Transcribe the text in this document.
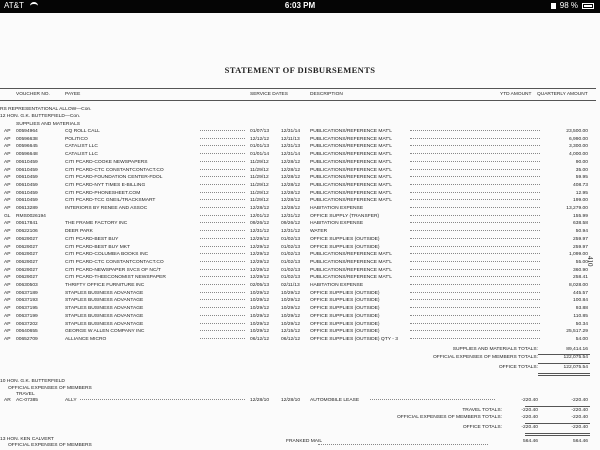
AT&T	6:03 PM	98 %
STATEMENT OF DISBURSEMENTS
VOUCHER NO.	PAYEE	SERVICE DATES	DESCRIPTION	YTD AMOUNT QUARTERLY AMOUNT
RS REPRESENTATIONAL ALLOW—Con.
12 HON. G.K. BUTTERFIELD—Con.
SUPPLIES AND MATERIALS
AP 00594964	CQ ROLL CALL	01/07/13 12/31/14 PUBLICATIONS/REFERENCE MAT'L	23,500.00
AP 00596638	POLITICO	12/12/12 12/11/13 PUBLICATIONS/REFERENCE MAT'L	6,990.00
AP 00596645	CATALIST LLC	01/01/13 12/31/13 PUBLICATIONS/REFERENCE MAT'L	3,300.00
AP 00596648	CATALIST LLC	01/01/14 12/31/14 PUBLICATIONS/REFERENCE MAT'L	4,000.00
AP 00610459	CITI PCARD-COOKE NEWSPAPERS	11/29/12	12/28/12 PUBLICATIONS/REFERENCE MAT'L	90.00
AP 00610459	CITI PCARD-CTC CONSTANTCONTACT.CO	11/29/12	12/28/12 PUBLICATIONS/REFERENCE MAT'L	35.00
AP 00610459	CITI PCARD-FOUNDATION CENTER-FDOL	11/29/12	12/28/12 PUBLICATIONS/REFERENCE MAT'L	59.95
AP 00610459	CITI PCARD-NYT TIMES E-BILLING	11/29/12	12/28/12 PUBLICATIONS/REFERENCE MAT'L	408.73
AP 00610459	CITI PCARD-PHONESHEET.COM	11/29/12	12/28/12 PUBLICATIONS/REFERENCE MAT'L	12.95
AP 00610459	CITI PCARD-TCC GNEIL/TRACKSMART	11/29/12	12/28/12 PUBLICATIONS/REFERENCE MAT'L	199.00
AP 00613289	INTERIORS BY RENEE AND ASSOC	12/28/12 12/28/12 HABITATION EXPENSE	13,279.00
GL RMS0026194	12/01/12 12/31/12 OFFICE SUPPLY (TRANSFER)	155.99
AP 00617841	THE FRAME FACTORY INC	09/26/12 09/26/12 HABITATION EXPENSE	638.58
AP 00622106	DEER PARK	12/31/12 12/31/12 WATER	50.94
AP 00629027	CITI PCARD-BEST BUY	12/29/12 01/02/13 OFFICE SUPPLIES (OUTSIDE)	259.97
AP 00629027	CITI PCARD-BEST BUY MKT	12/29/12 01/02/13 OFFICE SUPPLIES (OUTSIDE)	259.97
AP 00629027	CITI PCARD-COLUMBIA BOOKS INC	12/29/12 01/02/13 PUBLICATIONS/REFERENCE MAT'L	1,099.00
AP 00629027	CITI PCARD-CTC CONSTANTCONTACT.CO	12/29/12 01/02/13 PUBLICATIONS/REFERENCE MAT'L	55.00
AP 00629027	CITI PCARD-NEWSPAPER SVCS OF NC/T	12/29/12 01/02/13 PUBLICATIONS/REFERENCE MAT'L	360.90
AP 00629027	CITI PCARD-THEECONOMIST NEWSPAPER	12/29/12 01/02/13 PUBLICATIONS/REFERENCE MAT'L	258.41
AP 00630503	THRIFTY OFFICE FURNITURE INC	02/05/13 02/11/13 HABITATION EXPENSE	8,028.00
AP 00637189	STAPLES BUSINESS ADVANTAGE	10/29/12 10/29/12 OFFICE SUPPLIES (OUTSIDE)	445.57
AP 00637193	STAPLES BUSINESS ADVANTAGE	10/29/12 10/29/12 OFFICE SUPPLIES (OUTSIDE)	100.84
AP 00637195	STAPLES BUSINESS ADVANTAGE	10/29/12 10/29/12 OFFICE SUPPLIES (OUTSIDE)	93.88
AP 00637199	STAPLES BUSINESS ADVANTAGE	10/29/12 10/29/12 OFFICE SUPPLIES (OUTSIDE)	110.85
AP 00637202	STAPLES BUSINESS ADVANTAGE	10/29/12 10/29/12 OFFICE SUPPLIES (OUTSIDE)	50.34
AP 00640655	GEORGE W ALLEN COMPANY INC	10/29/12 12/15/12 OFFICE SUPPLIES (OUTSIDE)	25,517.29
AP 00652709	ALLIANCE MICRO	06/12/12 06/12/12 OFFICE SUPPLIES (OUTSIDE) QTY - 3	54.00
SUPPLIES AND MATERIALS TOTALS:	89,414.16
OFFICIAL EXPENSES OF MEMBERS TOTALS:	122,075.54
OFFICE TOTALS:	122,075.54
10 HON. G.K. BUTTERFIELD
OFFICIAL EXPENSES OF MEMBERS
TRAVEL
AR AC-07385	ALLY	12/28/10 12/28/10 AUTOMOBILE LEASE	-220.40	-220.40
TRAVEL TOTALS:	-220.40	-220.40
OFFICIAL EXPENSES OF MEMBERS TOTALS:	-220.40	-220.40
OFFICE TOTALS:	-220.40	-220.40
13 HON. KEN CALVERT
OFFICIAL EXPENSES OF MEMBERS
FRANKED MAIL	564.46	564.46
410
